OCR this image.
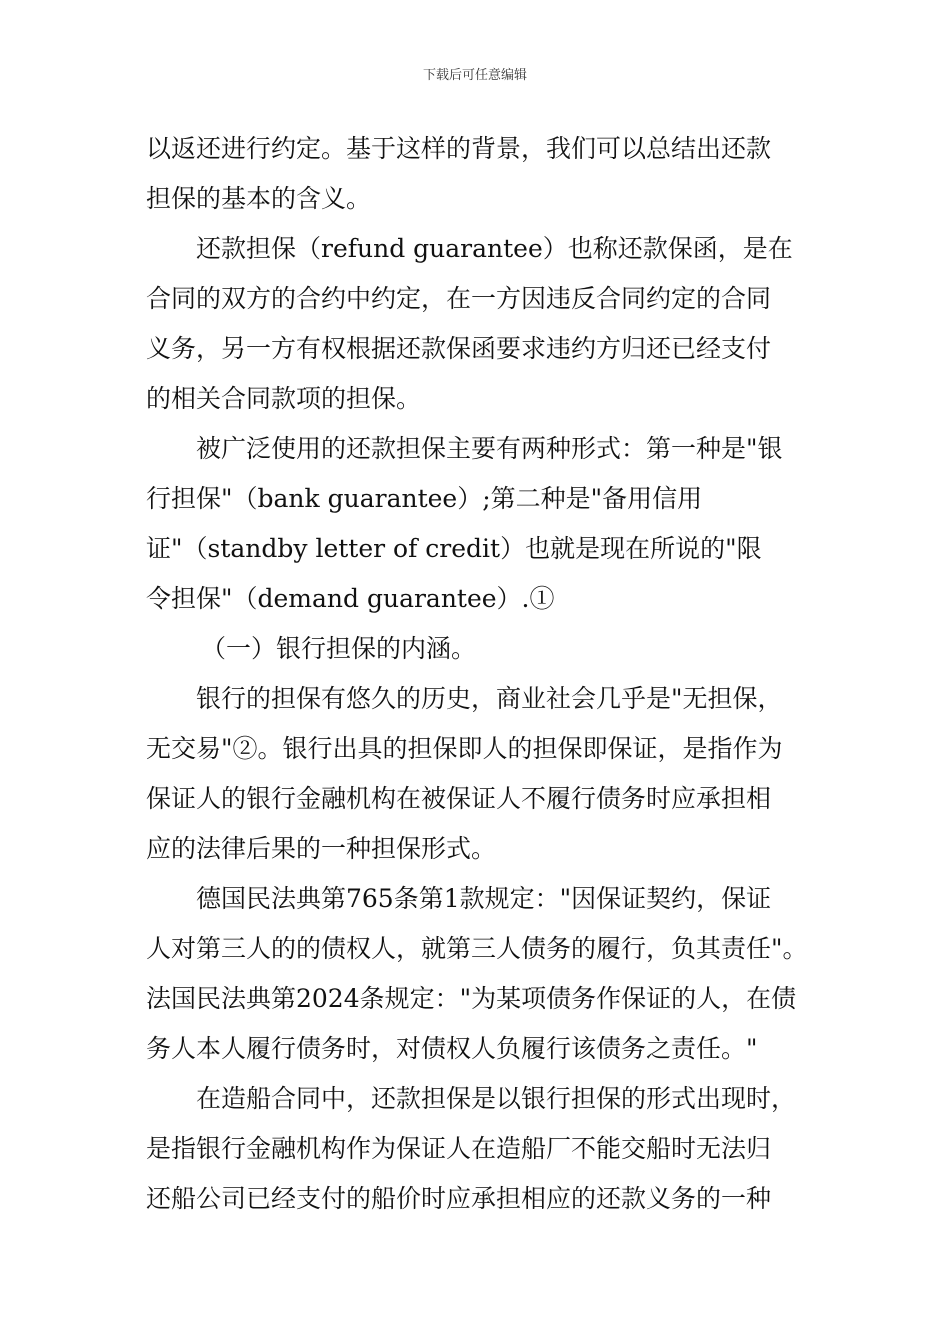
下载后可任意编辑
以返还进行约定。基于这样的背景，我们可以总结出还款
担保的基本的含义。
还款担保（refund guarantee）也称还款保函，是在
合同的双方的合约中约定，在一方因违反合同约定的合同
义务，另一方有权根据还款保函要求违约方归还已经支付
的相关合同款项的担保。
被广泛使用的还款担保主要有两种形式：第一种是"银
行担保"（bank guarantee）;第二种是"备用信用
证"（standby letter of credit）也就是现在所说的"限
令担保"（demand guarantee）.①
（一）银行担保的内涵。
银行的担保有悠久的历史，商业社会几乎是"无担保，
无交易"②。银行出具的担保即人的担保即保证，是指作为
保证人的银行金融机构在被保证人不履行债务时应承担相
应的法律后果的一种担保形式。
德国民法典第765条第1款规定："因保证契约，保证
人对第三人的的债权人，就第三人债务的履行，负其责任"。
法国民法典第2024条规定："为某项债务作保证的人，在债
务人本人履行债务时，对债权人负履行该债务之责任。"
在造船合同中，还款担保是以银行担保的形式出现时，
是指银行金融机构作为保证人在造船厂不能交船时无法归
还船公司已经支付的船价时应承担相应的还款义务的一种
